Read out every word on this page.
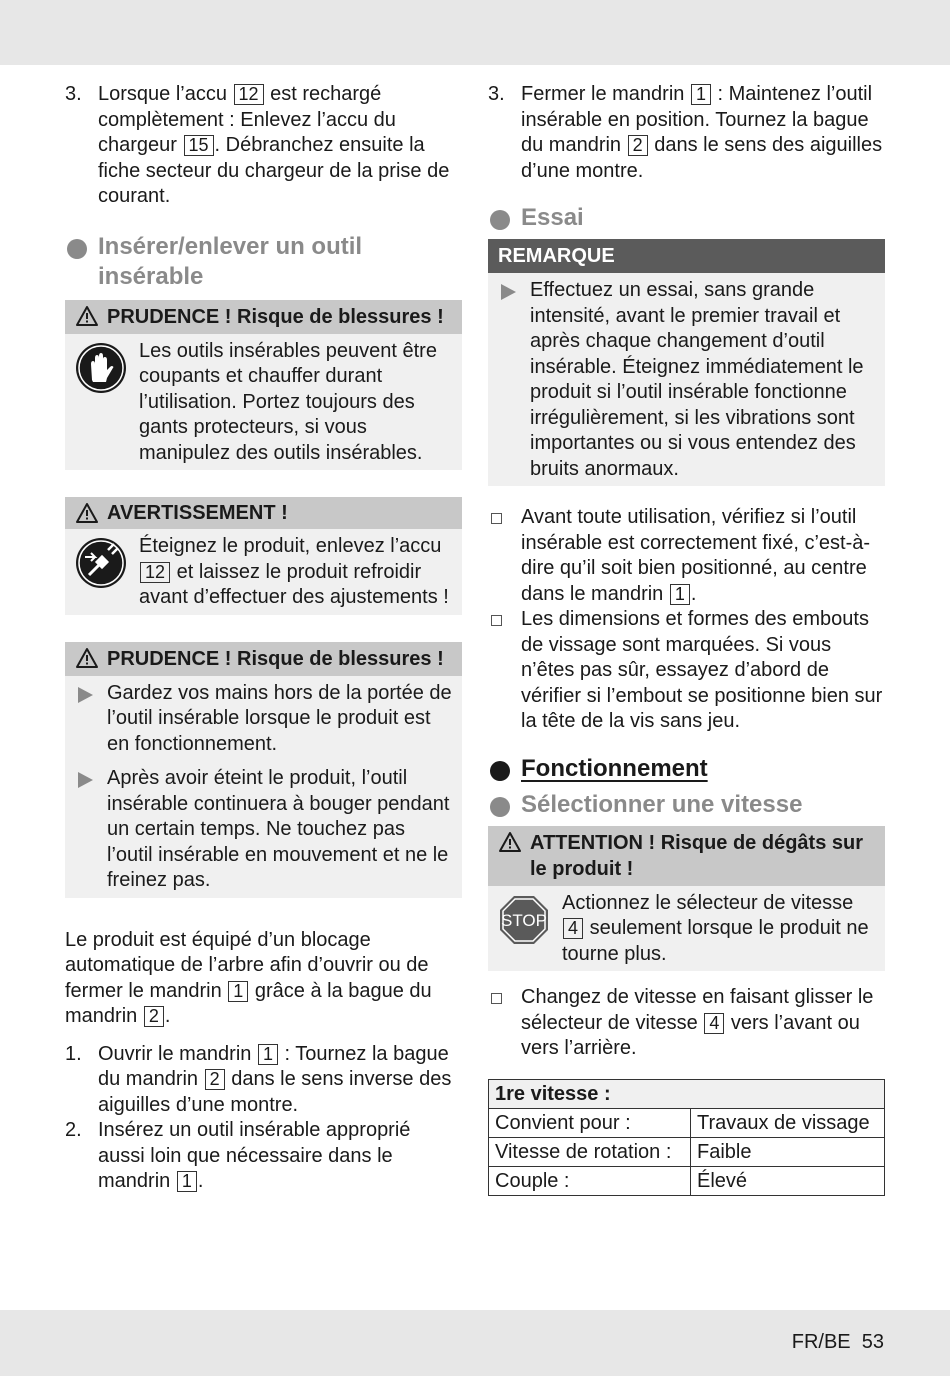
3. Lorsque l’accu 12 est rechargé complètement : Enlevez l’accu du chargeur 15 . Débranchez ensuite la fiche secteur du chargeur de la prise de courant.
Insérer/enlever un outil insérable
PRUDENCE ! Risque de blessures !
Les outils insérables peuvent être coupants et chauffer durant l’utilisation. Portez toujours des gants protecteurs, si vous manipulez des outils insérables.
AVERTISSEMENT !
Éteignez le produit, enlevez l’accu 12 et laissez le produit refroidir avant d’effectuer des ajustements !
PRUDENCE ! Risque de blessures !
Gardez vos mains hors de la portée de l’outil insérable lorsque le produit est en fonctionnement.
Après avoir éteint le produit, l’outil insérable continuera à bouger pendant un certain temps. Ne touchez pas l’outil insérable en mouvement et ne le freinez pas.

Le produit est équipé d’un blocage automatique de l’arbre afin d’ouvrir ou de fermer le mandrin 1 grâce à la bague du mandrin 2 .

1. Ouvrir le mandrin 1 : Tournez la bague du mandrin 2 dans le sens inverse des aiguilles d’une montre.
2. Insérez un outil insérable approprié aussi loin que nécessaire dans le mandrin 1 .
3. Fermer le mandrin 1 : Maintenez l’outil insérable en position. Tournez la bague du mandrin 2 dans le sens des aiguilles d’une montre.
Essai
REMARQUE
Effectuez un essai, sans grande intensité, avant le premier travail et après chaque changement d’outil insérable. Éteignez immédiatement le produit si l’outil insérable fonctionne irrégulièrement, si les vibrations sont importantes ou si vous entendez des bruits anormaux.
Avant toute utilisation, vérifiez si l’outil insérable est correctement fixé, c’est-à-dire qu’il soit bien positionné, au centre dans le mandrin 1 .
Les dimensions et formes des embouts de vissage sont marquées. Si vous n’êtes pas sûr, essayez d’abord de vérifier si l’embout se positionne bien sur la tête de la vis sans jeu.
Fonctionnement
Sélectionner une vitesse
ATTENTION ! Risque de dégâts sur le produit !
STOP
Actionnez le sélecteur de vitesse 4 seulement lorsque le produit ne tourne plus.
Changez de vitesse en faisant glisser le sélecteur de vitesse 4 vers l’avant ou vers l’arrière.
1re vitesse :	
Convient pour :	Travaux de vissage
Vitesse de rotation :	Faible
Couple :	Élevé
FR/BE  53
